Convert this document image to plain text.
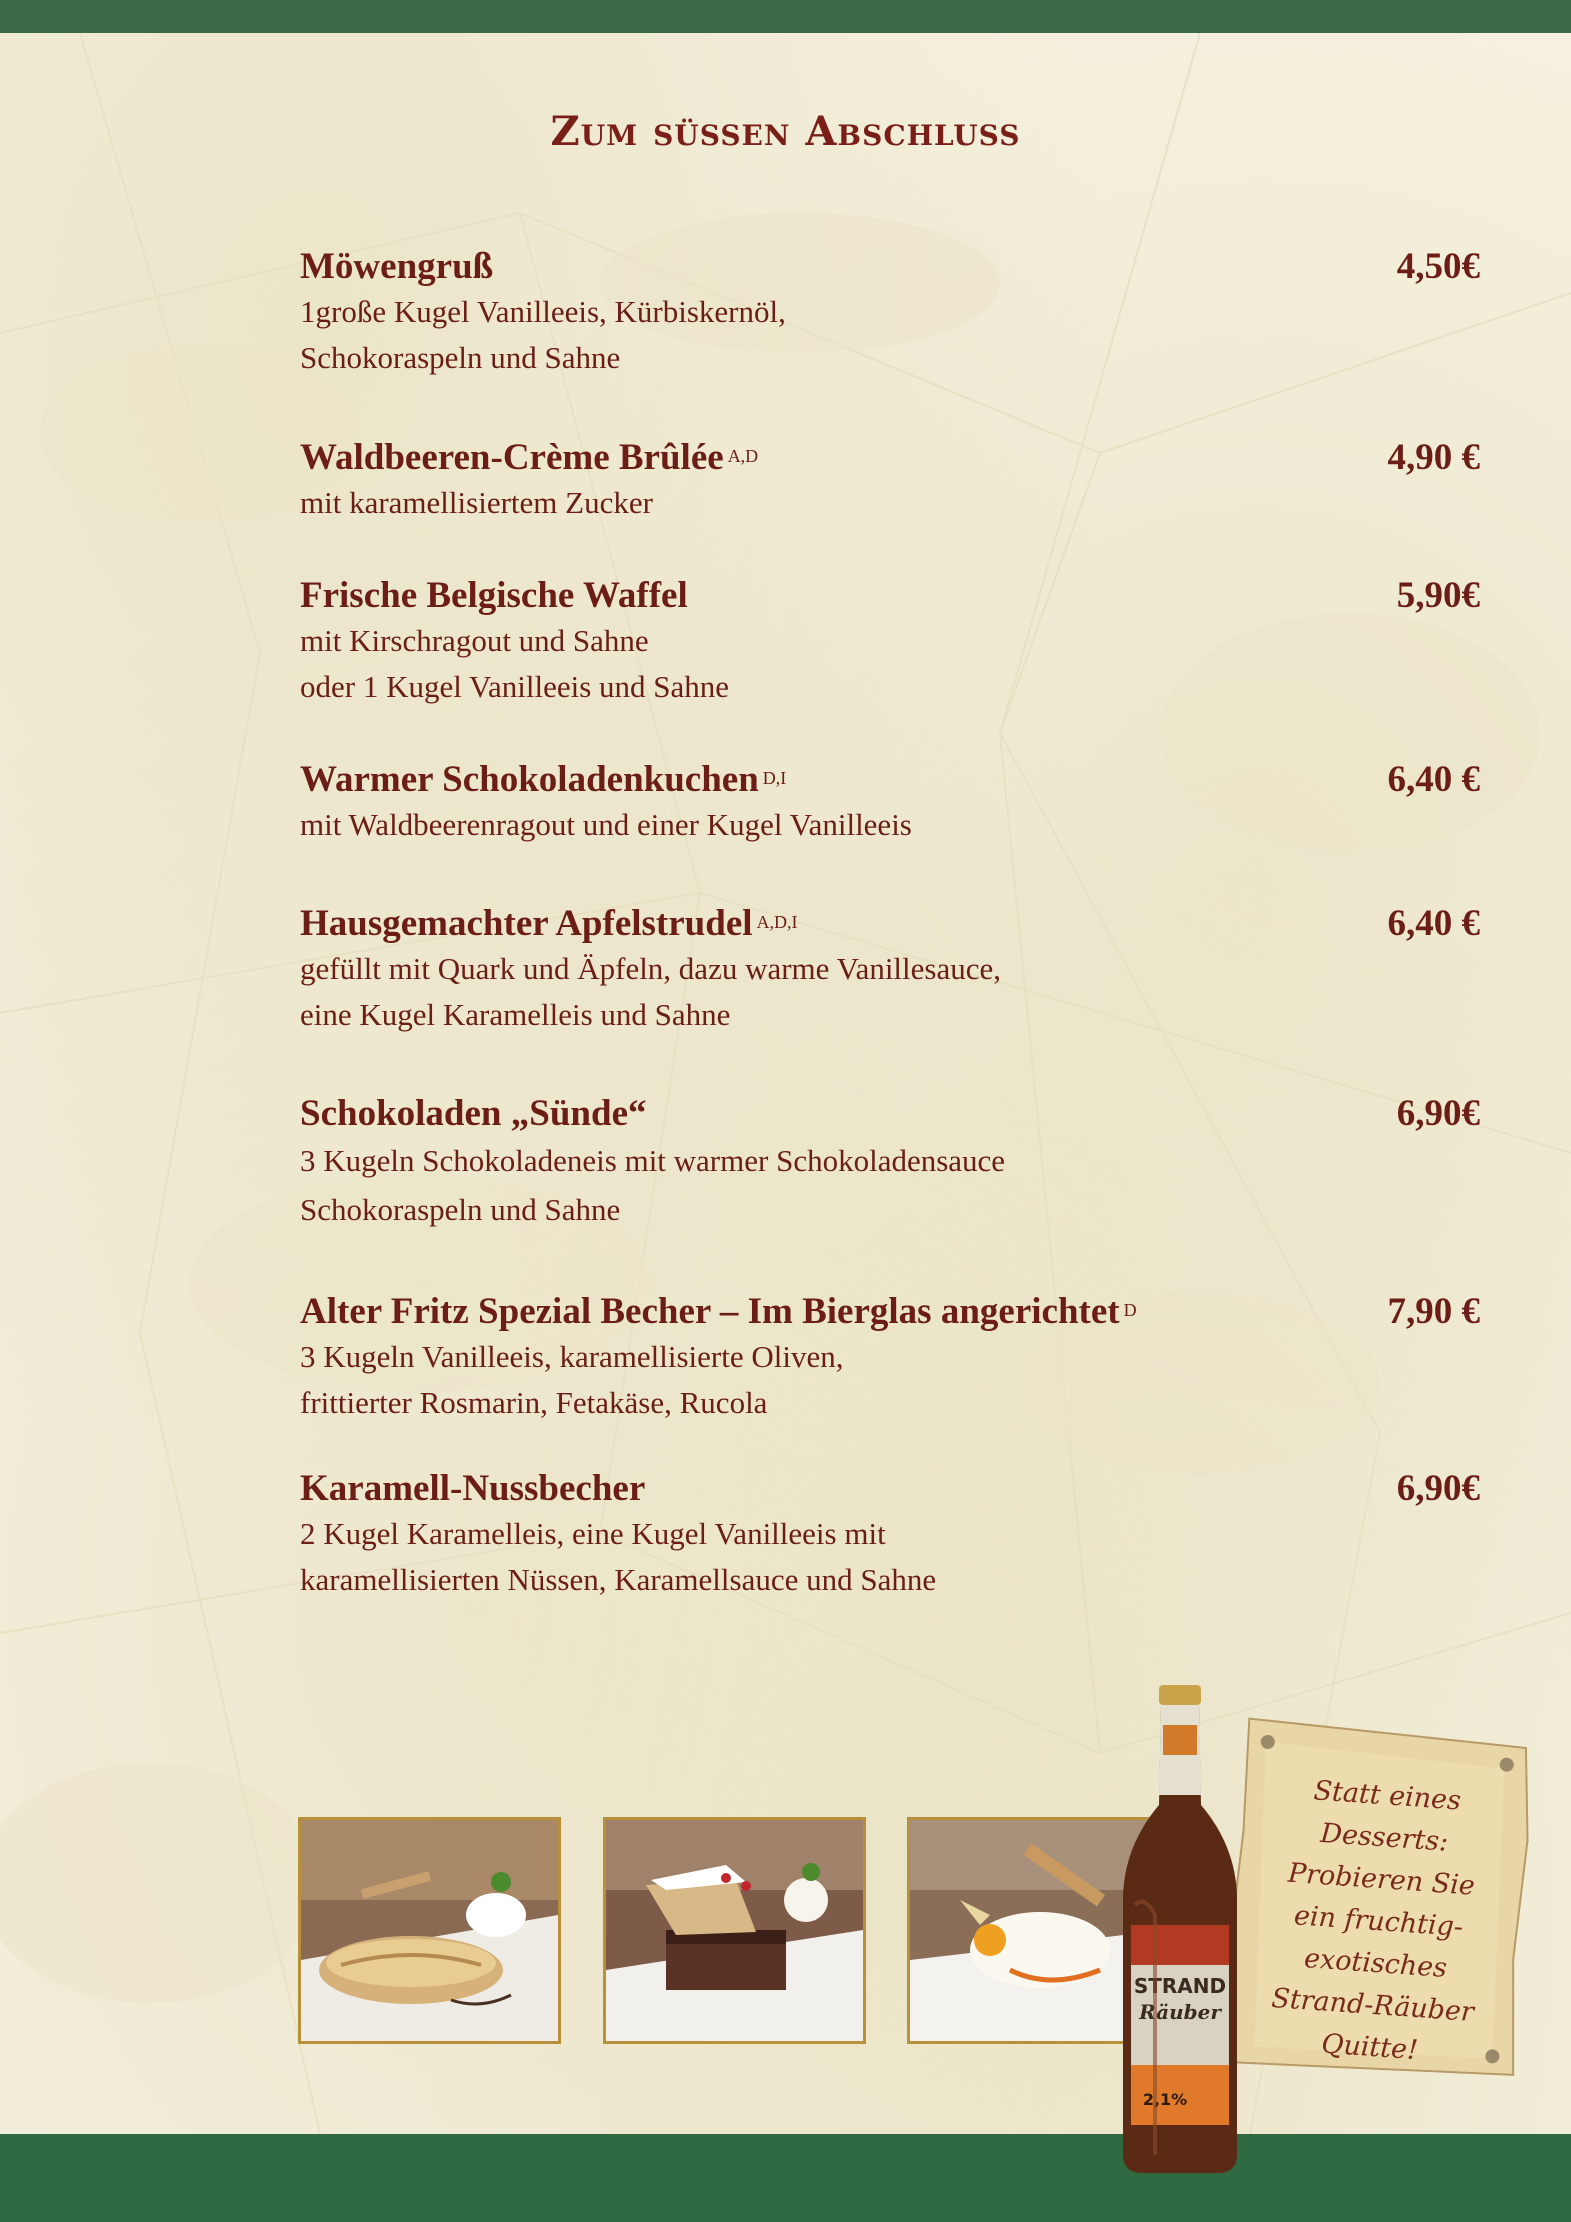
Zum süssen Abschluss
Möwengruß	4,50€
1große Kugel Vanilleeis, Kürbiskernöl,
Schokoraspeln und Sahne
Waldbeeren-Crème Brûlée $^{A,D}$	4,90 €
mit karamellisiertem Zucker
Frische Belgische Waffel	5,90€
mit Kirschragout und Sahne
oder 1 Kugel Vanilleeis und Sahne
Warmer Schokoladenkuchen $^{D,I}$	6,40 €
mit Waldbeerenragout und einer Kugel Vanilleeis
Hausgemachter Apfelstrudel $^{A,D,I}$	6,40 €
gefüllt mit Quark und Äpfeln, dazu warme Vanillesauce,
eine Kugel Karamelleis und Sahne
Schokoladen „Sünde“	6,90€
3 Kugeln Schokoladeneis mit warmer Schokoladensauce
Schokoraspeln und Sahne
Alter Fritz Spezial Becher – Im Bierglas angerichtet $^D$	7,90 €
3 Kugeln Vanilleeis, karamellisierte Oliven,
frittierter Rosmarin, Fetakäse, Rucola
Karamell-Nussbecher	6,90€
2 Kugel Karamelleis, eine Kugel Vanilleeis mit
karamellisierten Nüssen, Karamellsauce und Sahne
Statt eines
Desserts:
Probieren Sie
ein fruchtig-
exotisches
Strand-Räuber
Quitte!
STRAND
Räuber
2,1%
